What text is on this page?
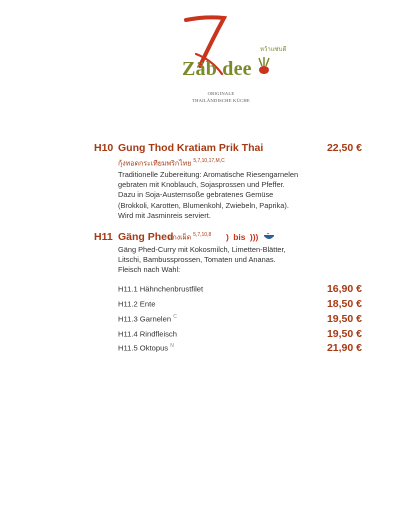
หว้าแซ่บดี
Zäb dee
ORIGINALE
THAILÄNDISCHE KÜCHE
H10 Gung Thod Kratiam Prik Thai	22,50 €
กุ้งทอดกระเทียมพริกไทย $^{5,7,10,17,M,C}$
Traditionelle Zubereitung: Aromatische Riesengarnelen
gebraten mit Knoblauch, Sojasprossen und Pfeffer.
Dazu in Soja-Austernsoße gebratenes Gemüse
(Brokkoli, Karotten, Blumenkohl, Zwiebeln, Paprika).
Wird mit Jasminreis serviert.
H11 Gäng Phed
แกงเผ็ด $^{5,7,10,8}$ ) bis )))
Gäng Phed-Curry mit Kokosmilch, Limetten-Blätter,
Litschi, Bambussprossen, Tomaten und Ananas.
Fleisch nach Wahl:
H11.1 Hähnchenbrustfilet	16,90 €
H11.2 Ente	18,50 €
H11.3 Garnelen $^C$	19,50 €
H11.4 Rindfleisch	19,50 €
H11.5 Oktopus $^N$	21,90 €
